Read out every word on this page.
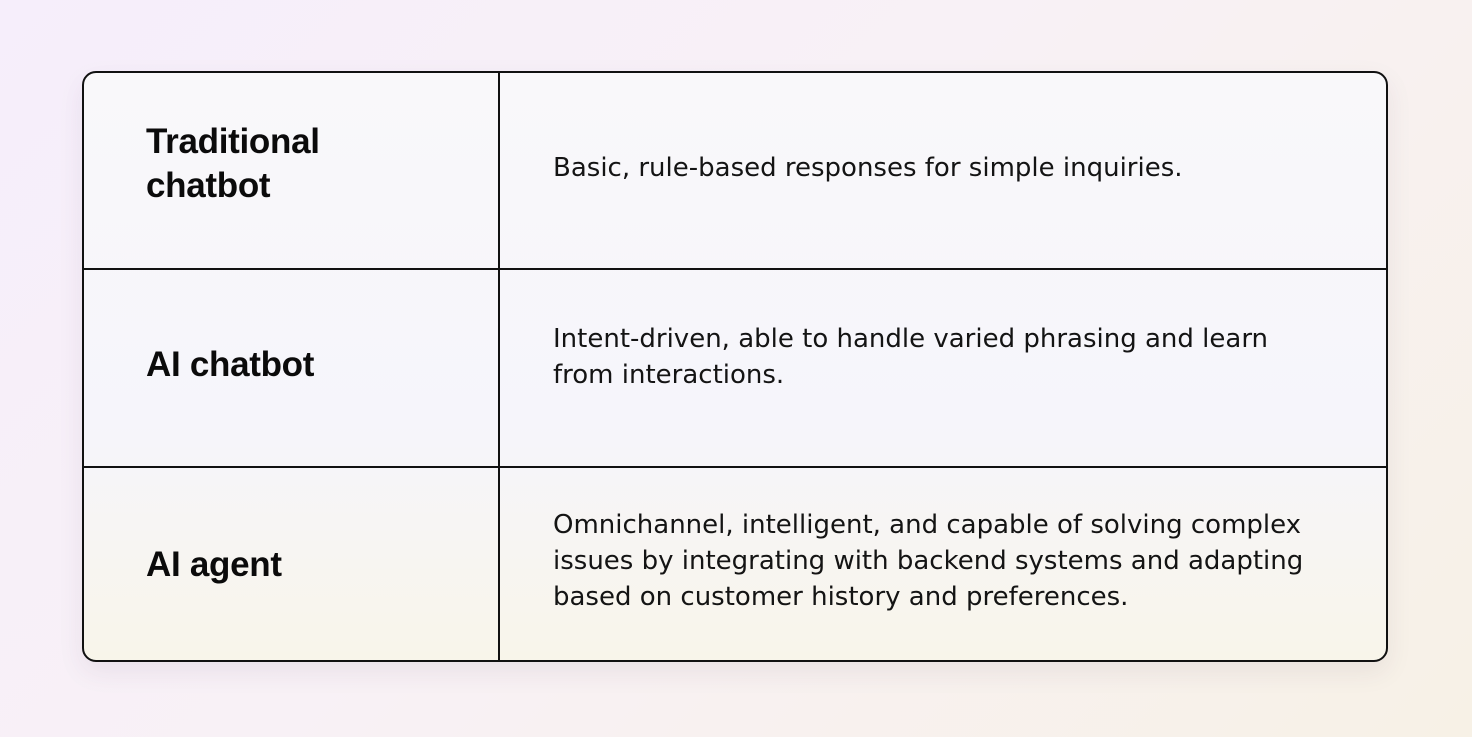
Traditional chatbot	Basic, rule-based responses for simple inquiries.
AI chatbot
Intent-driven, able to handle varied phrasing and learn from interactions.
AI agent
Omnichannel, intelligent, and capable of solving complex issues by integrating with backend systems and adapting based on customer history and preferences.
